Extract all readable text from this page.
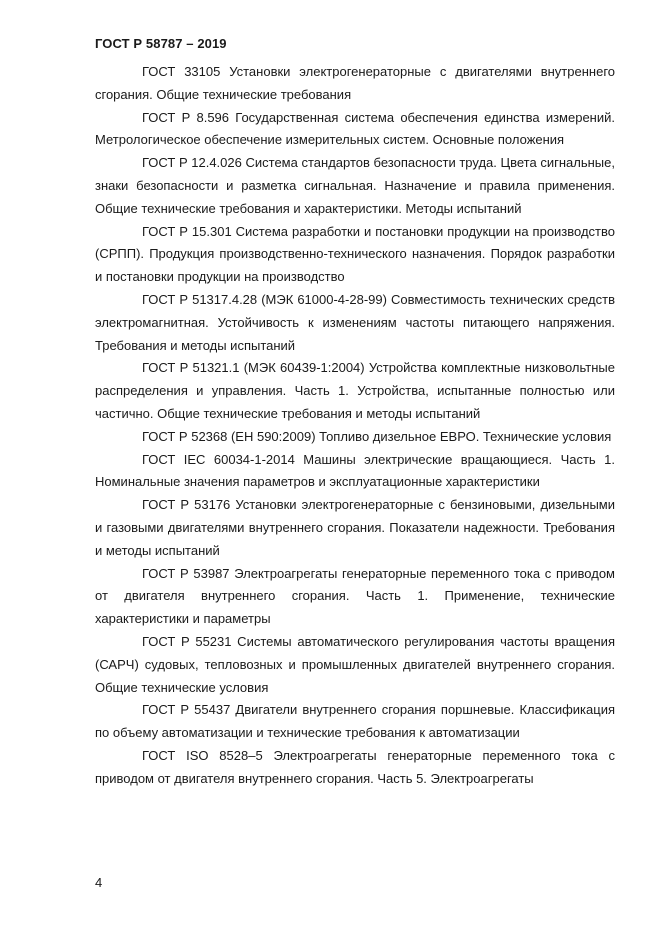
ГОСТ Р 58787 – 2019

ГОСТ 33105 Установки электрогенераторные с двигателями внутреннего сгорания. Общие технические требования

ГОСТ Р 8.596 Государственная система обеспечения единства измерений. Метрологическое обеспечение измерительных систем. Основные положения

ГОСТ Р 12.4.026 Система стандартов безопасности труда. Цвета сигнальные, знаки безопасности и разметка сигнальная. Назначение и правила применения. Общие технические требования и характеристики. Методы испытаний

ГОСТ Р 15.301 Система разработки и постановки продукции на производство (СРПП). Продукция производственно-технического назначения. Порядок разработки и постановки продукции на производство

ГОСТ Р 51317.4.28 (МЭК 61000-4-28-99) Совместимость технических средств электромагнитная. Устойчивость к изменениям частоты питающего напряжения. Требования и методы испытаний

ГОСТ Р 51321.1 (МЭК 60439-1:2004) Устройства комплектные низковольтные распределения и управления. Часть 1. Устройства, испытанные полностью или частично. Общие технические требования и методы испытаний

ГОСТ Р 52368 (ЕН 590:2009) Топливо дизельное ЕВРО. Технические условия

ГОСТ IEC 60034-1-2014 Машины электрические вращающиеся. Часть 1. Номинальные значения параметров и эксплуатационные характеристики

ГОСТ Р 53176 Установки электрогенераторные с бензиновыми, дизельными и газовыми двигателями внутреннего сгорания. Показатели надежности. Требования и методы испытаний

ГОСТ Р 53987 Электроагрегаты генераторные переменного тока с приводом от двигателя внутреннего сгорания. Часть 1. Применение, технические характеристики и параметры

ГОСТ Р 55231 Системы автоматического регулирования частоты вращения (САРЧ) судовых, тепловозных и промышленных двигателей внутреннего сгорания. Общие технические условия

ГОСТ Р 55437 Двигатели внутреннего сгорания поршневые. Классификация по объему автоматизации и технические требования к автоматизации

ГОСТ ISO 8528–5 Электроагрегаты генераторные переменного тока с приводом от двигателя внутреннего сгорания. Часть 5. Электроагрегаты

4
